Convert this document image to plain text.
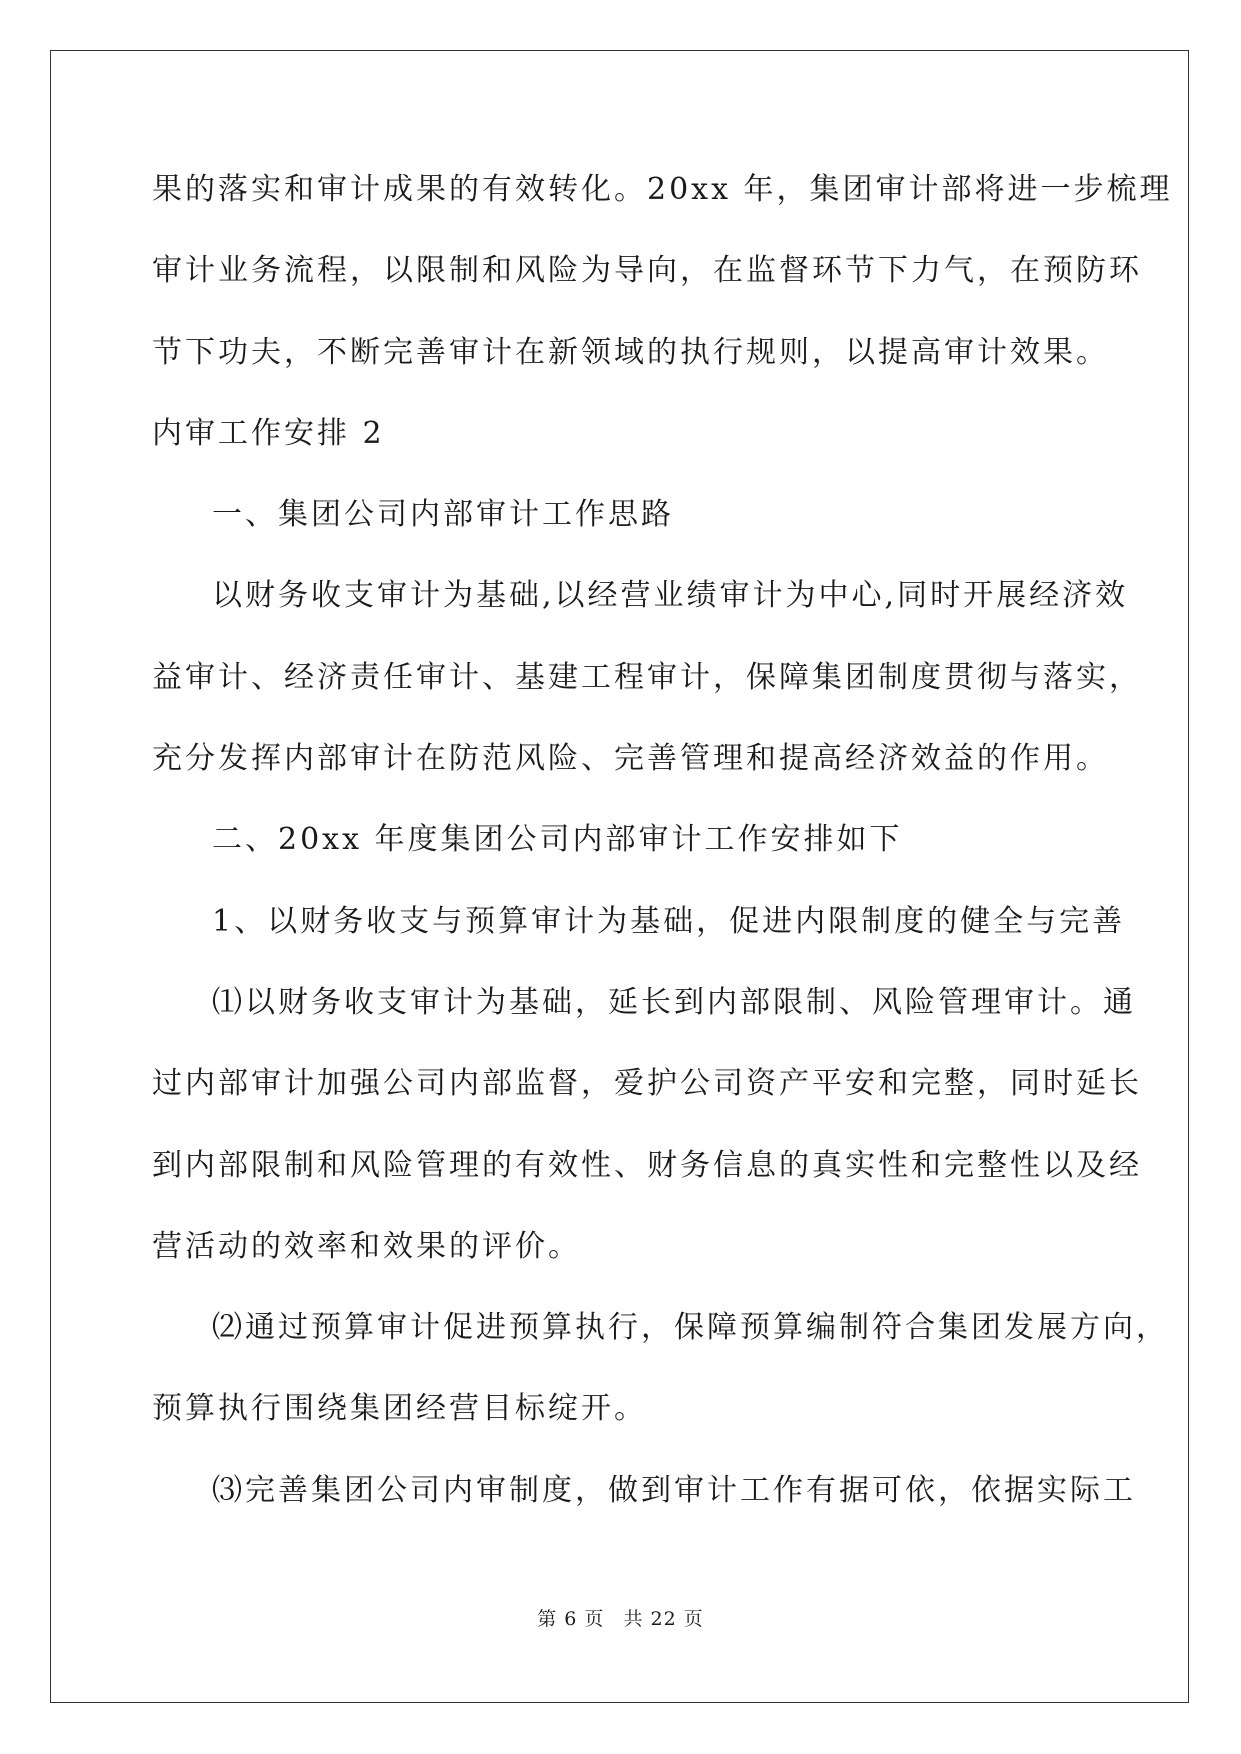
果的落实和审计成果的有效转化。20xx 年，集团审计部将进一步梳理
审计业务流程，以限制和风险为导向，在监督环节下力气，在预防环
节下功夫，不断完善审计在新领域的执行规则，以提高审计效果。
内审工作安排 2
一、集团公司内部审计工作思路
以财务收支审计为基础,以经营业绩审计为中心,同时开展经济效
益审计、经济责任审计、基建工程审计，保障集团制度贯彻与落实，
充分发挥内部审计在防范风险、完善管理和提高经济效益的作用。
二、20xx 年度集团公司内部审计工作安排如下
1、以财务收支与预算审计为基础，促进内限制度的健全与完善
⑴以财务收支审计为基础，延长到内部限制、风险管理审计。通
过内部审计加强公司内部监督，爱护公司资产平安和完整，同时延长
到内部限制和风险管理的有效性、财务信息的真实性和完整性以及经
营活动的效率和效果的评价。
⑵通过预算审计促进预算执行，保障预算编制符合集团发展方向，
预算执行围绕集团经营目标绽开。
⑶完善集团公司内审制度，做到审计工作有据可依，依据实际工
第 6 页 共 22 页
